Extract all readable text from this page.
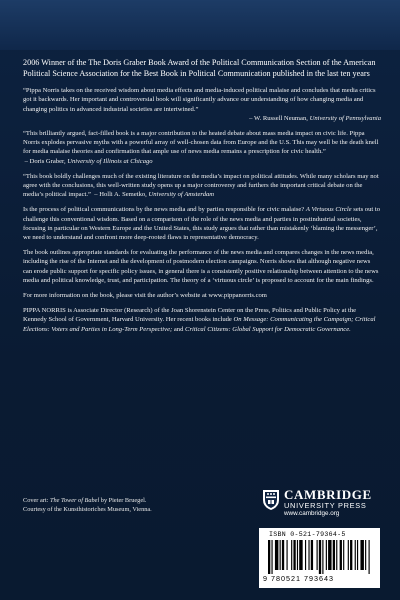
2006 Winner of the The Doris Graber Book Award of the Political Communication Section of the American Political Science Association for the Best Book in Political Communication published in the last ten years

“Pippa Norris takes on the received wisdom about media effects and media-induced political malaise and concludes that media critics got it backwards. Her important and controversial book will significantly advance our understanding of how changing media and changing politics in advanced industrial societies are intertwined.”
– W. Russell Neuman, University of Pennsylvania

“This brilliantly argued, fact-filled book is a major contribution to the heated debate about mass media impact on civic life. Pippa Norris explodes pervasive myths with a powerful array of well-chosen data from Europe and the U.S. This may well be the death knell for media malaise theories and confirmation that ample use of news media remains a prescription for civic health.”  – Doris Graber, University of Illinois at Chicago

“This book boldly challenges much of the existing literature on the media’s impact on political attitudes. While many scholars may not agree with the conclusions, this well-written study opens up a major controversy and furthers the important critical debate on the media’s political impact.” – Holli A. Semetko, University of Amsterdam

Is the process of political communications by the news media and by parties responsible for civic malaise? A Virtuous Circle sets out to challenge this conventional wisdom. Based on a comparison of the role of the news media and parties in postindustrial societies, focusing in particular on Western Europe and the United States, this study argues that rather than mistakenly ‘blaming the messenger’, we need to understand and confront more deep-rooted flaws in representative democracy.

The book outlines appropriate standards for evaluating the performance of the news media and compares changes in the news media, including the rise of the Internet and the development of postmodern election campaigns. Norris shows that although negative news can erode public support for specific policy issues, in general there is a consistently positive relationship between attention to the news media and political knowledge, trust, and participation. The theory of a ‘virtuous circle’ is proposed to account for the main findings.

For more information on the book, please visit the author’s website at www.pippanorris.com

PIPPA NORRIS is Associate Director (Research) of the Joan Shorenstein Center on the Press, Politics and Public Policy at the Kennedy School of Government, Harvard University. Her recent books include On Message: Communicating the Campaign; Critical Elections: Voters and Parties in Long-Term Perspective; and Critical Citizens: Global Support for Democratic Governance.

Cover art: The Tower of Babel by Pieter Bruegel.
Courtesy of the Kunsthistoriches Museum, Vienna.
CAMBRIDGE
UNIVERSITY PRESS
www.cambridge.org
ISBN 0-521-79364-5
9 780521 793643
